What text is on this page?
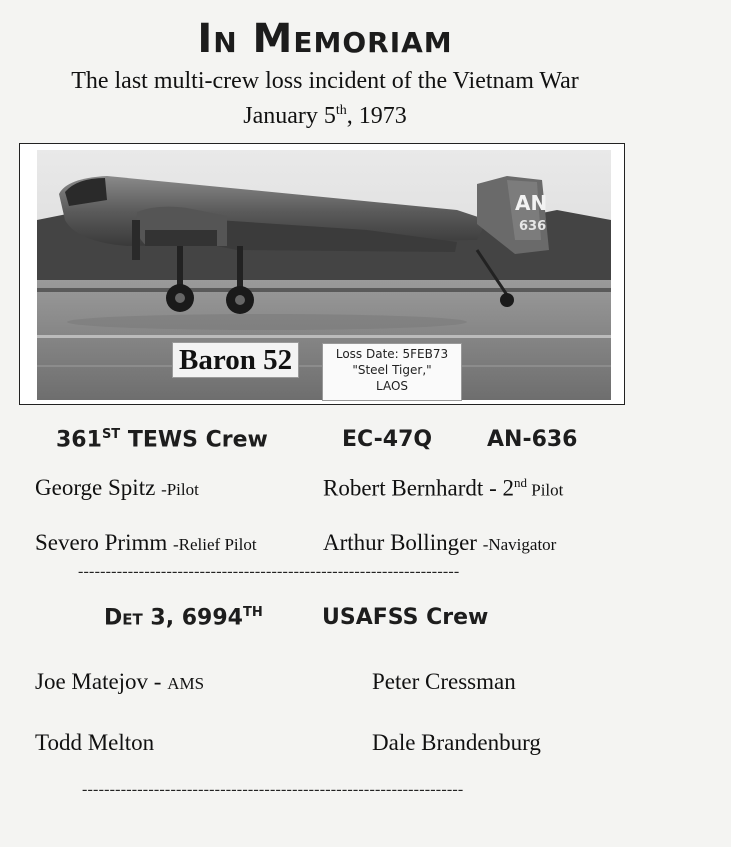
In Memoriam
The last multi-crew loss incident of the Vietnam War
January 5th, 1973
AN
636
Baron 52	Loss Date: 5FEB73
"Steel Tiger,"
LAOS
361ST TEWS Crew	EC-47Q AN-636
George Spitz -Pilot	Robert Bernhardt - 2nd Pilot
Severo Primm -Relief Pilot	Arthur Bollinger -Navigator
---------------------------------------------------------------------
Det 3, 6994TH	USAFSS Crew
Joe Matejov - AMS	Peter Cressman
Todd Melton	Dale Brandenburg
---------------------------------------------------------------------
